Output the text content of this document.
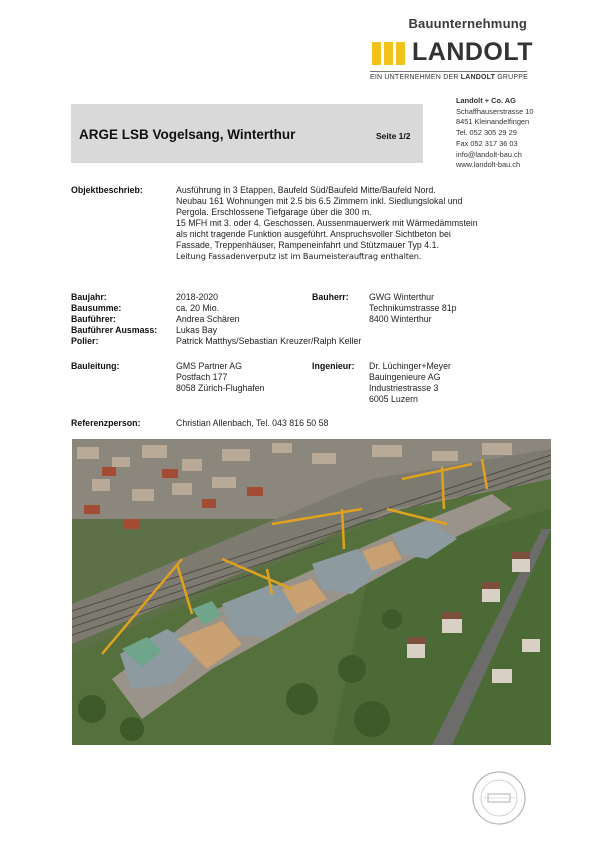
Bauunternehmung
LANDOLT
EIN UNTERNEHMEN DER LANDOLT GRUPPE
ARGE LSB Vogelsang, Winterthur	Seite 1/2
Landolt + Co. AG
Schaffhauserstrasse 10
8451 Kleinandelfingen
Tel. 052 305 29 29
Fax 052 317 36 03
info@landolt-bau.ch
www.landolt-bau.ch
Objektbeschrieb:	Ausführung in 3 Etappen, Baufeld Süd/Baufeld Mitte/Baufeld Nord.
Neubau 161 Wohnungen mit 2.5 bis 6.5 Zimmern inkl. Siedlungslokal und
Pergola. Erschlossene Tiefgarage über die 300 m.
15 MFH mit 3. oder 4. Geschossen. Aussenmauerwerk mit Wärmedämmstein
als nicht tragende Funktion ausgeführt. Anspruchsvoller Sichtbeton bei
Fassade, Treppenhäuser, Rampeneinfahrt und Stützmauer Typ 4.1.
Leitung Fassadenverputz ist im Baumeisterauftrag enthalten.
Baujahr:	2018-2020
Bausumme:	ca. 20 Mio.
Bauführer:	Andrea Schären
Bauführer Ausmass: Lukas Bay
Polier:	Patrick Matthys/Sebastian Kreuzer/Ralph Keller
Bauherr: GWG Winterthur
Technikumstrasse 81p
8400 Winterthur
Bauleitung:	GMS Partner AG
Postfach 177
8058 Zürich-Flughafen
Ingenieur: Dr. Lüchinger+Meyer
Bauingenieure AG
Industriestrasse 3
6005 Luzern
Referenzperson:	Christian Allenbach, Tel. 043 816 50 58
